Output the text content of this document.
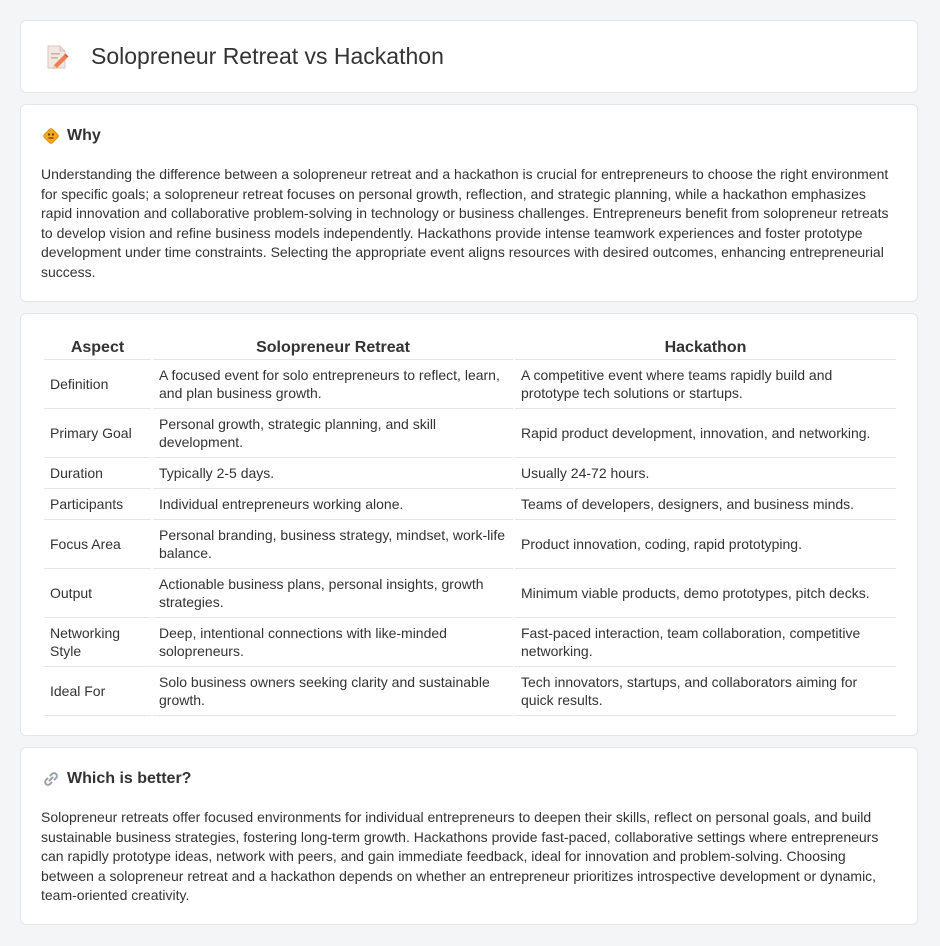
Solopreneur Retreat vs Hackathon
Why

Understanding the difference between a solopreneur retreat and a hackathon is crucial for entrepreneurs to choose the right environment for specific goals; a solopreneur retreat focuses on personal growth, reflection, and strategic planning, while a hackathon emphasizes rapid innovation and collaborative problem-solving in technology or business challenges. Entrepreneurs benefit from solopreneur retreats to develop vision and refine business models independently. Hackathons provide intense teamwork experiences and foster prototype development under time constraints. Selecting the appropriate event aligns resources with desired outcomes, enhancing entrepreneurial success.

Aspect	Solopreneur Retreat	Hackathon
Definition	A focused event for solo entrepreneurs to reflect, learn, and plan business growth.	A competitive event where teams rapidly build and prototype tech solutions or startups.
Primary Goal	Personal growth, strategic planning, and skill development.	Rapid product development, innovation, and networking.
Duration	Typically 2-5 days.	Usually 24-72 hours.
Participants	Individual entrepreneurs working alone.	Teams of developers, designers, and business minds.
Focus Area	Personal branding, business strategy, mindset, work-life balance.	Product innovation, coding, rapid prototyping.
Output	Actionable business plans, personal insights, growth strategies.	Minimum viable products, demo prototypes, pitch decks.
Networking Style	Deep, intentional connections with like-minded solopreneurs.	Fast-paced interaction, team collaboration, competitive networking.
Ideal For	Solo business owners seeking clarity and sustainable growth.	Tech innovators, startups, and collaborators aiming for quick results.
Which is better?

Solopreneur retreats offer focused environments for individual entrepreneurs to deepen their skills, reflect on personal goals, and build sustainable business strategies, fostering long-term growth. Hackathons provide fast-paced, collaborative settings where entrepreneurs can rapidly prototype ideas, network with peers, and gain immediate feedback, ideal for innovation and problem-solving. Choosing between a solopreneur retreat and a hackathon depends on whether an entrepreneur prioritizes introspective development or dynamic, team-oriented creativity.
